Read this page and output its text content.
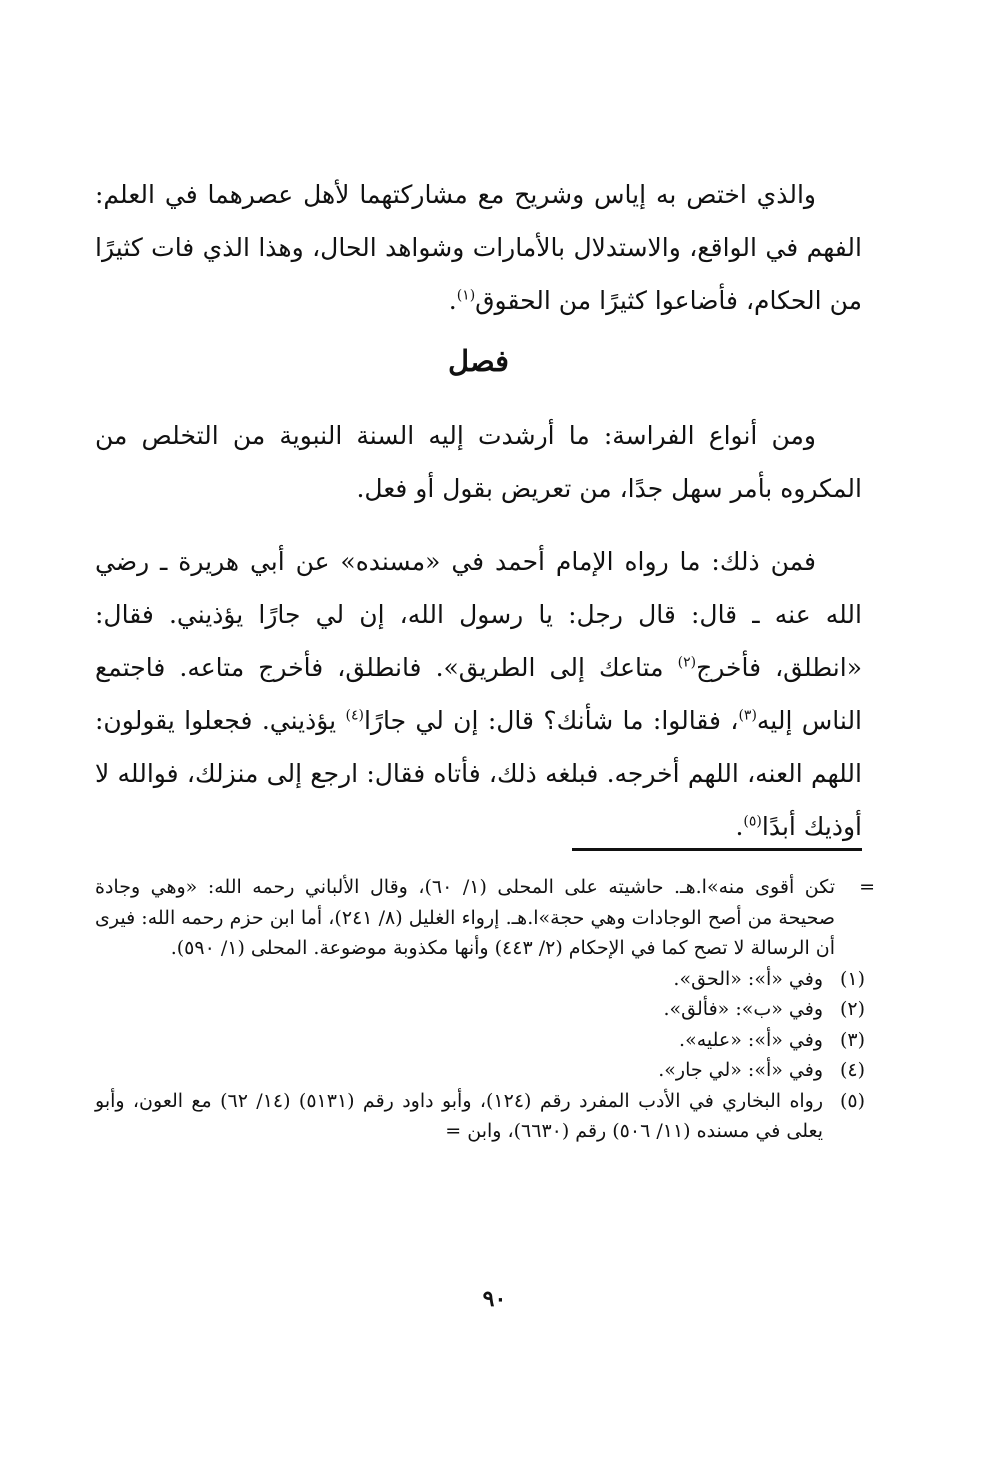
والذي اختص به إياس وشريح مع مشاركتهما لأهل عصرهما في العلم: الفهم في الواقع، والاستدلال بالأمارات وشواهد الحال، وهذا الذي فات كثيرًا من الحكام، فأضاعوا كثيرًا من الحقوق$^{(١)}$.

فصل

ومن أنواع الفراسة: ما أرشدت إليه السنة النبوية من التخلص من المكروه بأمر سهل جدًا، من تعريض بقول أو فعل.

فمن ذلك: ما رواه الإمام أحمد في «مسنده» عن أبي هريرة ـ رضي الله عنه ـ قال: قال رجل: يا رسول الله، إن لي جارًا يؤذيني. فقال: «انطلق، فأخرج$^{(٢)}$ متاعك إلى الطريق». فانطلق، فأخرج متاعه. فاجتمع الناس إليه$^{(٣)}$، فقالوا: ما شأنك؟ قال: إن لي جارًا$^{(٤)}$ يؤذيني. فجعلوا يقولون: اللهم العنه، اللهم أخرجه. فبلغه ذلك، فأتاه فقال: ارجع إلى منزلك، فوالله لا أوذيك أبدًا$^{(٥)}$.

=
تكن أقوى منه»ا.هـ. حاشيته على المحلى (١/ ٦٠)، وقال الألباني رحمه الله: «وهي وجادة صحيحة من أصح الوجادات وهي حجة»ا.هـ. إرواء الغليل (٨/ ٢٤١)، أما ابن حزم رحمه الله: فيرى أن الرسالة لا تصح كما في الإحكام (٢/ ٤٤٣) وأنها مكذوبة موضوعة. المحلى (١/ ٥٩٠).
(١)
وفي «أ»: «الحق».
(٢)
وفي «ب»: «فألق».
(٣)
وفي «أ»: «عليه».
(٤)
وفي «أ»: «لي جار».
(٥)
رواه البخاري في الأدب المفرد رقم (١٢٤)، وأبو داود رقم (٥١٣١) (١٤/ ٦٢) مع العون، وأبو يعلى في مسنده (١١/ ٥٠٦) رقم (٦٦٣٠)، وابن =
٩٠
